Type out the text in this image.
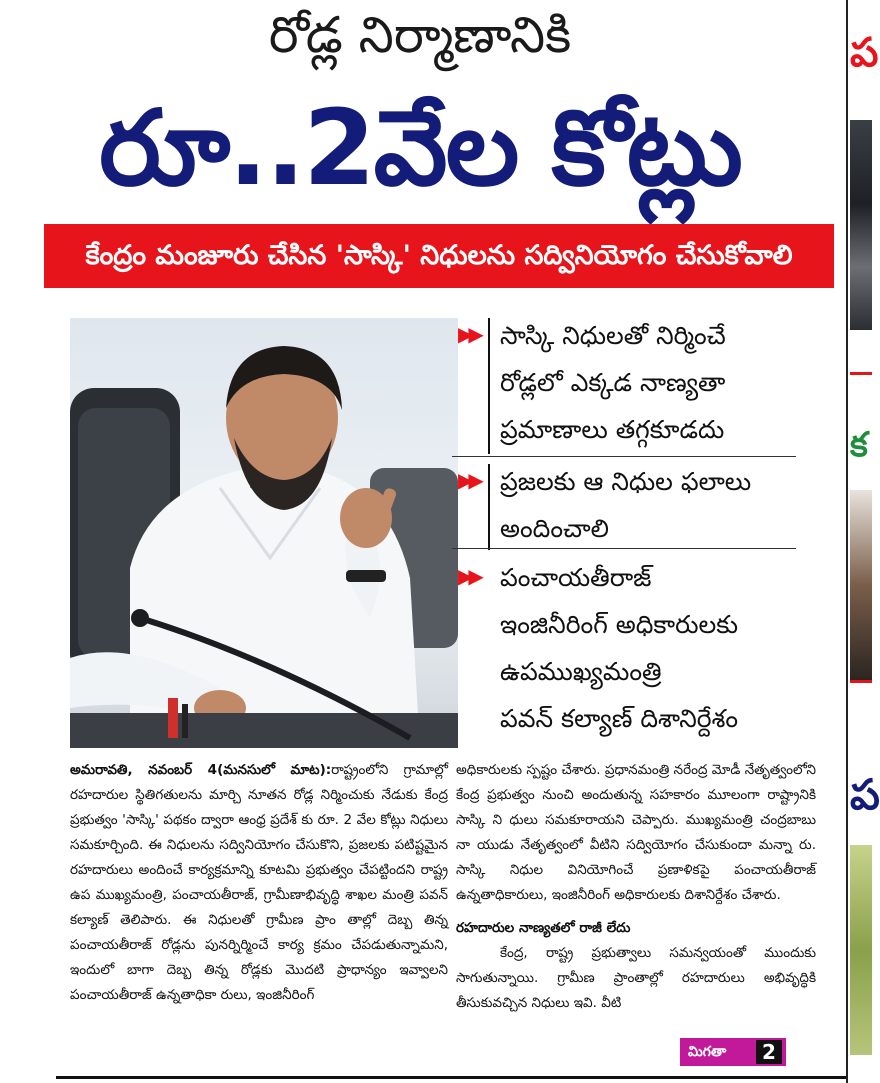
రోడ్ల నిర్మాణానికి
రూ..2వేల కోట్లు
కేంద్రం మంజూరు చేసిన 'సాస్కి' నిధులను సద్వినియోగం చేసుకోవాలి
▶▶ సాస్కి నిధులతో నిర్మించే
రోడ్లలో ఎక్కడ నాణ్యతా
ప్రమాణాలు తగ్గకూడదు
▶▶ ప్రజలకు ఆ నిధుల ఫలాలు
అందించాలి
▶▶ పంచాయతీరాజ్
ఇంజినీరింగ్ అధికారులకు
ఉపముఖ్యమంత్రి
పవన్ కల్యాణ్ దిశానిర్దేశం

అమరావతి, నవంబర్ 4(మనసులో మాట):రాష్ట్రంలోని గ్రామాల్లో రహదారుల స్థితిగతులను మార్చి నూతన రోడ్ల నిర్మించుకు నేడుకు కేంద్ర ప్రభుత్వం 'సాస్కి' పథకం ద్వారా ఆంధ్ర ప్రదేశ్ కు రూ. 2 వేల కోట్లు నిధులు సమకూర్చింది. ఈ నిధులను సద్వినియోగం చేసుకొని, ప్రజలకు పటిష్టమైన రహదారులు అందించే కార్యక్రమాన్ని కూటమి ప్రభుత్వం చేపట్టిందని రాష్ట్ర ఉప ముఖ్యమంత్రి, పంచాయతీరాజ్, గ్రామీణాభివృద్ధి శాఖల మంత్రి పవన్ కల్యాణ్ తెలిపారు. ఈ నిధులతో గ్రామీణ ప్రాం తాల్లో దెబ్బ తిన్న పంచాయతీరాజ్ రోడ్లను పునర్నిర్మించే కార్య క్రమం చేపడుతున్నామని, ఇందులో బాగా దెబ్బ తిన్న రోడ్లకు మొదటి ప్రాధాన్యం ఇవ్వాలని పంచాయతీరాజ్ ఉన్నతాధికా రులు, ఇంజినీరింగ్

అధికారులకు స్పష్టం చేశారు. ప్రధానమంత్రి నరేంద్ర మోడీ నేతృత్వంలోని కేంద్ర ప్రభుత్వం నుంచి అందుతున్న సహకారం మూలంగా రాష్ట్రానికి సాస్కి ని ధులు సమకూరాయని చెప్పారు. ముఖ్యమంత్రి చంద్రబాబు నా యుడు నేతృత్వంలో వీటిని సద్వియోగం చేసుకుందా మన్నా రు. సాస్కి నిధుల వినియోగించే ప్రణాళికపై పంచాయతీరాజ్ ఉన్నతాధికారులు, ఇంజినీరింగ్ అధికారులకు దిశానిర్దేశం చేశారు.

రహదారుల నాణ్యతలో రాజీ లేదు

కేంద్ర, రాష్ట్ర ప్రభుత్వాలు సమన్వయంతో ముందుకు సాగుతున్నాయి. గ్రామీణ ప్రాంతాల్లో రహదారులు అభివృద్ధికి తీసుకువచ్చిన నిధులు ఇవి. వీటి

మిగతా	2
ప
క
ప
